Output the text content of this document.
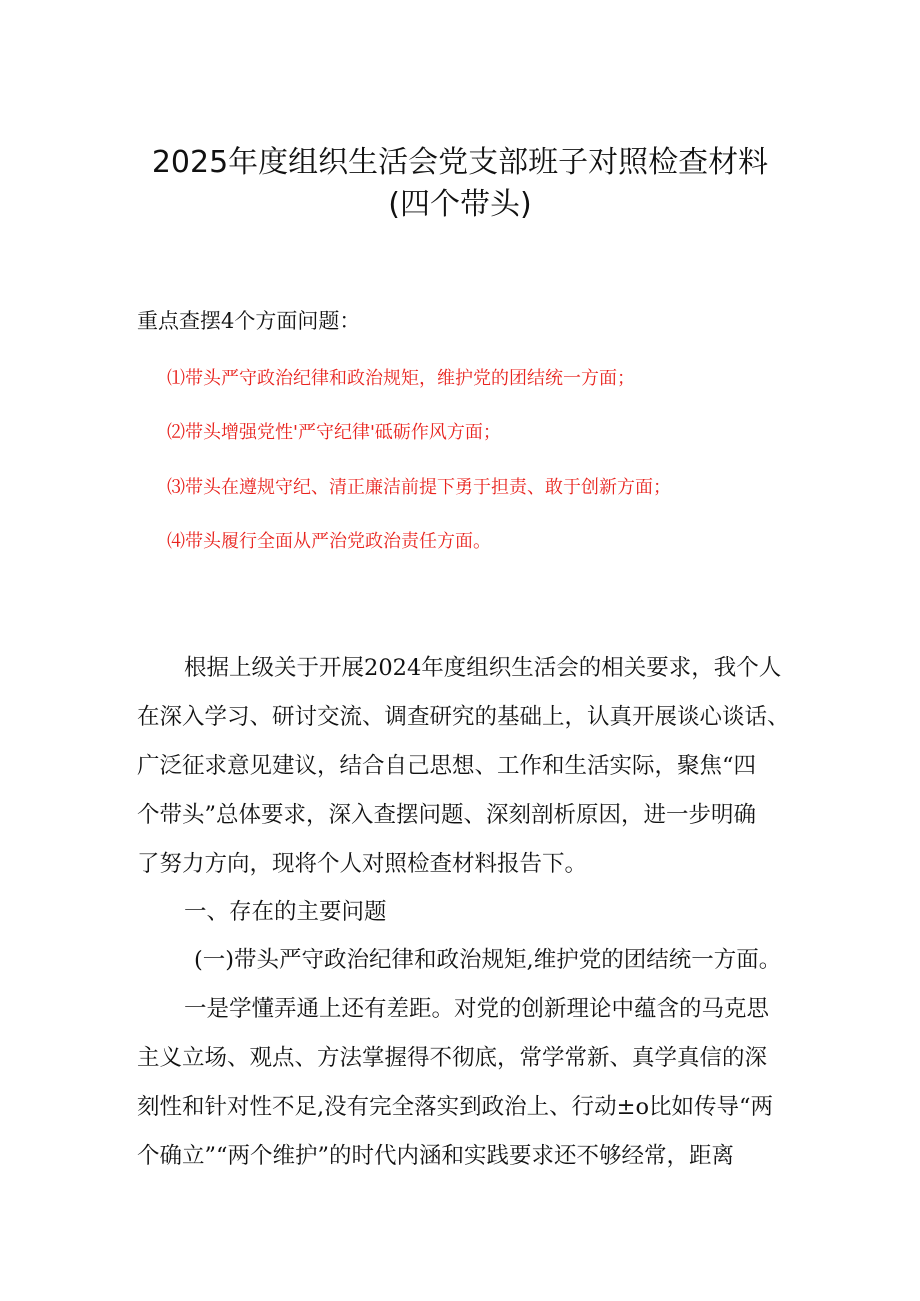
2025年度组织生活会党支部班子对照检查材料
(四个带头)
重点查摆4个方面问题：
⑴带头严守政治纪律和政治规矩，维护党的团结统一方面；
⑵带头增强党性'严守纪律'砥砺作风方面；
⑶带头在遵规守纪、清正廉洁前提下勇于担责、敢于创新方面；
⑷带头履行全面从严治党政治责任方面。
根据上级关于开展2024年度组织生活会的相关要求，我个人
在深入学习、研讨交流、调查研究的基础上，认真开展谈心谈话、
广泛征求意见建议，结合自己思想、工作和生活实际，聚焦“四
个带头”总体要求，深入查摆问题、深刻剖析原因，进一步明确
了努力方向，现将个人对照检查材料报告下。
一、存在的主要问题
(一)带头严守政治纪律和政治规矩,维护党的团结统一方面。
一是学懂弄通上还有差距。对党的创新理论中蕴含的马克思
主义立场、观点、方法掌握得不彻底，常学常新、真学真信的深
刻性和针对性不足,没有完全落实到政治上、行动±o比如传导“两
个确立”“两个维护”的时代内涵和实践要求还不够经常，距离
